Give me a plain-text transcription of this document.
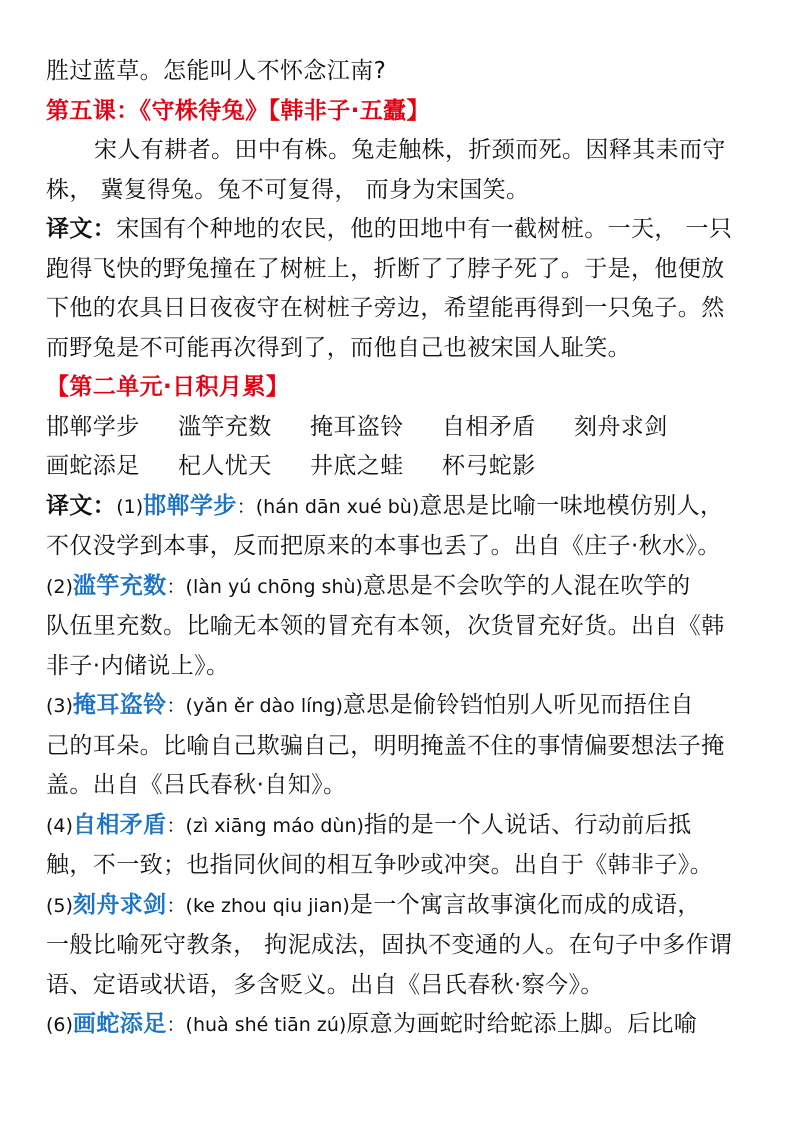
胜过蓝草。怎能叫人不怀念江南?
第五课：《守株待兔》【韩非子·五蠹】
宋人有耕者。田中有株。兔走触株，折颈而死。因释其耒而守
株， 冀复得兔。兔不可复得， 而身为宋国笑。
译文：宋国有个种地的农民，他的田地中有一截树桩。一天， 一只
跑得飞快的野兔撞在了树桩上，折断了了脖子死了。于是，他便放
下他的农具日日夜夜守在树桩子旁边，希望能再得到一只兔子。然
而野兔是不可能再次得到了，而他自己也被宋国人耻笑。
【第二单元·日积月累】
邯郸学步	滥竽充数	掩耳盗铃	自相矛盾	刻舟求剑
画蛇添足	杞人忧天	井底之蛙	杯弓蛇影
译文：(1)邯郸学步：(hán dān xué bù)意思是比喻一味地模仿别人，
不仅没学到本事，反而把原来的本事也丢了。出自《庄子·秋水》。
(2)滥竽充数：(làn yú chōng shù)意思是不会吹竽的人混在吹竽的
队伍里充数。比喻无本领的冒充有本领，次货冒充好货。出自《韩
非子·内储说上》。
(3)掩耳盗铃：(yǎn ěr dào líng)意思是偷铃铛怕别人听见而捂住自
己的耳朵。比喻自己欺骗自己，明明掩盖不住的事情偏要想法子掩
盖。出自《吕氏春秋·自知》。
(4)自相矛盾：(zì xiāng máo dùn)指的是一个人说话、行动前后抵
触，不一致；也指同伙间的相互争吵或冲突。出自于《韩非子》。
(5)刻舟求剑：(ke zhou qiu jian)是一个寓言故事演化而成的成语，
一般比喻死守教条， 拘泥成法，固执不变通的人。在句子中多作谓
语、定语或状语，多含贬义。出自《吕氏春秋·察今》。
(6)画蛇添足：(huà shé tiān zú)原意为画蛇时给蛇添上脚。后比喻
